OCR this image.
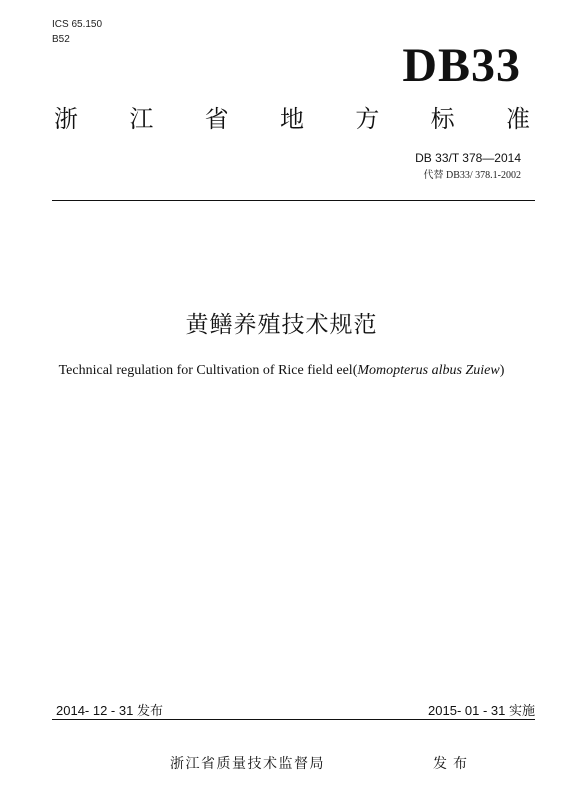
ICS 65.150
B52	DB33
浙 江 省 地 方 标 准
DB 33/T 378—2014
代替 DB33/ 378.1-2002
黄鳝养殖技术规范
Technical regulation for Cultivation of Rice field eel(Momopterus albus Zuiew)
2014- 12 - 31 发布	2015- 01 - 31 实施
浙江省质量技术监督局	发布
